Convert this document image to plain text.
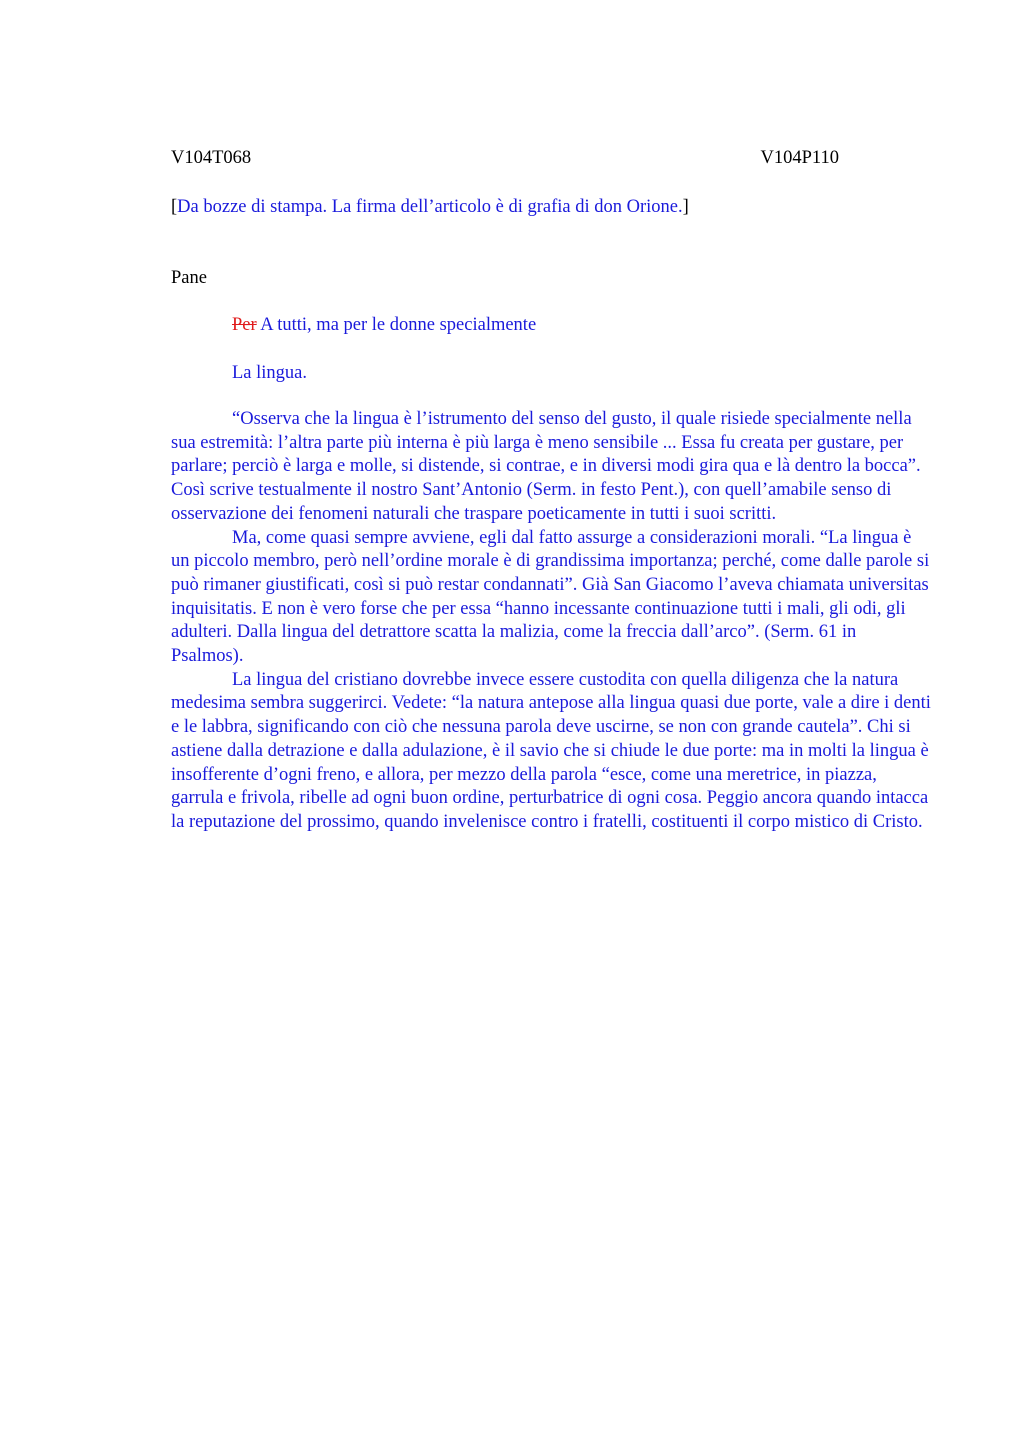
V104T068	V104P110
[Da bozze di stampa. La firma dell’articolo è di grafia di don Orione.]
Pane
Per A tutti, ma per le donne specialmente
La lingua.

“Osserva che la lingua è l’istrumento del senso del gusto, il quale risiede specialmente nella sua estremità: l’altra parte più interna è più larga è meno sensibile ... Essa fu creata per gustare, per parlare; perciò è larga e molle, si distende, si contrae, e in diversi modi gira qua e là dentro la bocca”. Così scrive testualmente il nostro Sant’Antonio (Serm. in festo Pent.), con quell’amabile senso di osservazione dei fenomeni naturali che traspare poeticamente in tutti i suoi scritti.

Ma, come quasi sempre avviene, egli dal fatto assurge a considerazioni morali. “La lingua è un piccolo membro, però nell’ordine morale è di grandissima importanza; perché, come dalle parole si può rimaner giustificati, così si può restar condannati”. Già San Giacomo l’aveva chiamata universitas inquisitatis. E non è vero forse che per essa “hanno incessante continuazione tutti i mali, gli odi, gli adulteri. Dalla lingua del detrattore scatta la malizia, come la freccia dall’arco”. (Serm. 61 in Psalmos).

La lingua del cristiano dovrebbe invece essere custodita con quella diligenza che la natura medesima sembra suggerirci. Vedete: “la natura antepose alla lingua quasi due porte, vale a dire i denti e le labbra, significando con ciò che nessuna parola deve uscirne, se non con grande cautela”. Chi si astiene dalla detrazione e dalla adulazione, è il savio che si chiude le due porte: ma in molti la lingua è insofferente d’ogni freno, e allora, per mezzo della parola “esce, come una meretrice, in piazza, garrula e frivola, ribelle ad ogni buon ordine, perturbatrice di ogni cosa. Peggio ancora quando intacca la reputazione del prossimo, quando invelenisce contro i fratelli, costituenti il corpo mistico di Cristo.
